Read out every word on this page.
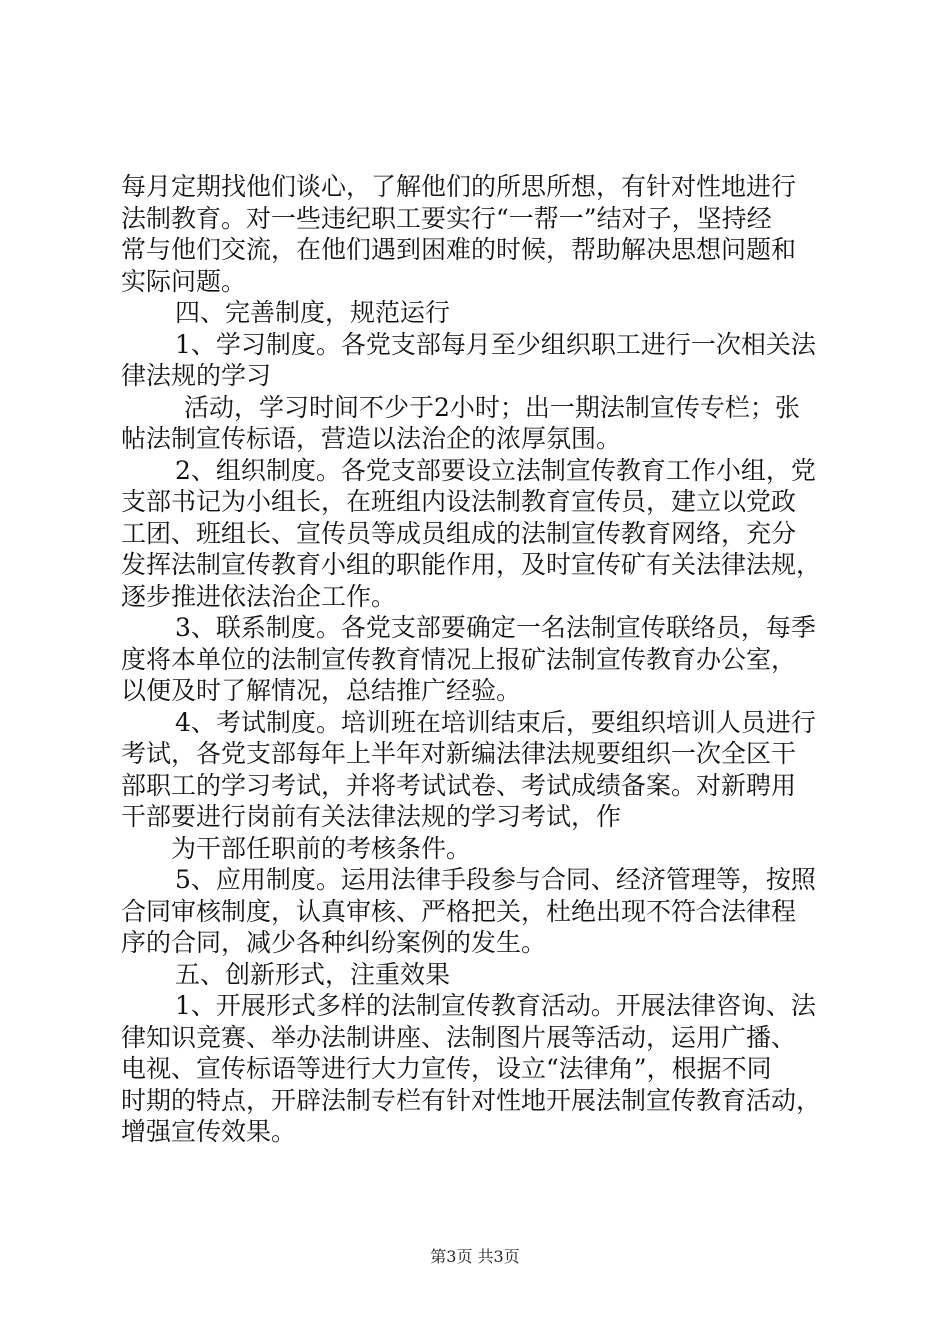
每月定期找他们谈心，了解他们的所思所想，有针对性地进行
法制教育。对一些违纪职工要实行“一帮一”结对子，坚持经
常与他们交流，在他们遇到困难的时候，帮助解决思想问题和
实际问题。
四、完善制度，规范运行
1、学习制度。各党支部每月至少组织职工进行一次相关法
律法规的学习
活动，学习时间不少于2小时；出一期法制宣传专栏；张
帖法制宣传标语，营造以法治企的浓厚氛围。
2、组织制度。各党支部要设立法制宣传教育工作小组，党
支部书记为小组长，在班组内设法制教育宣传员，建立以党政
工团、班组长、宣传员等成员组成的法制宣传教育网络，充分
发挥法制宣传教育小组的职能作用，及时宣传矿有关法律法规，
逐步推进依法治企工作。
3、联系制度。各党支部要确定一名法制宣传联络员，每季
度将本单位的法制宣传教育情况上报矿法制宣传教育办公室，
以便及时了解情况，总结推广经验。
4、考试制度。培训班在培训结束后，要组织培训人员进行
考试，各党支部每年上半年对新编法律法规要组织一次全区干
部职工的学习考试，并将考试试卷、考试成绩备案。对新聘用
干部要进行岗前有关法律法规的学习考试，作
为干部任职前的考核条件。
5、应用制度。运用法律手段参与合同、经济管理等，按照
合同审核制度，认真审核、严格把关，杜绝出现不符合法律程
序的合同，减少各种纠纷案例的发生。
五、创新形式，注重效果
1、开展形式多样的法制宣传教育活动。开展法律咨询、法
律知识竞赛、举办法制讲座、法制图片展等活动，运用广播、
电视、宣传标语等进行大力宣传，设立“法律角”，根据不同
时期的特点，开辟法制专栏有针对性地开展法制宣传教育活动，
增强宣传效果。
第3页 共3页
